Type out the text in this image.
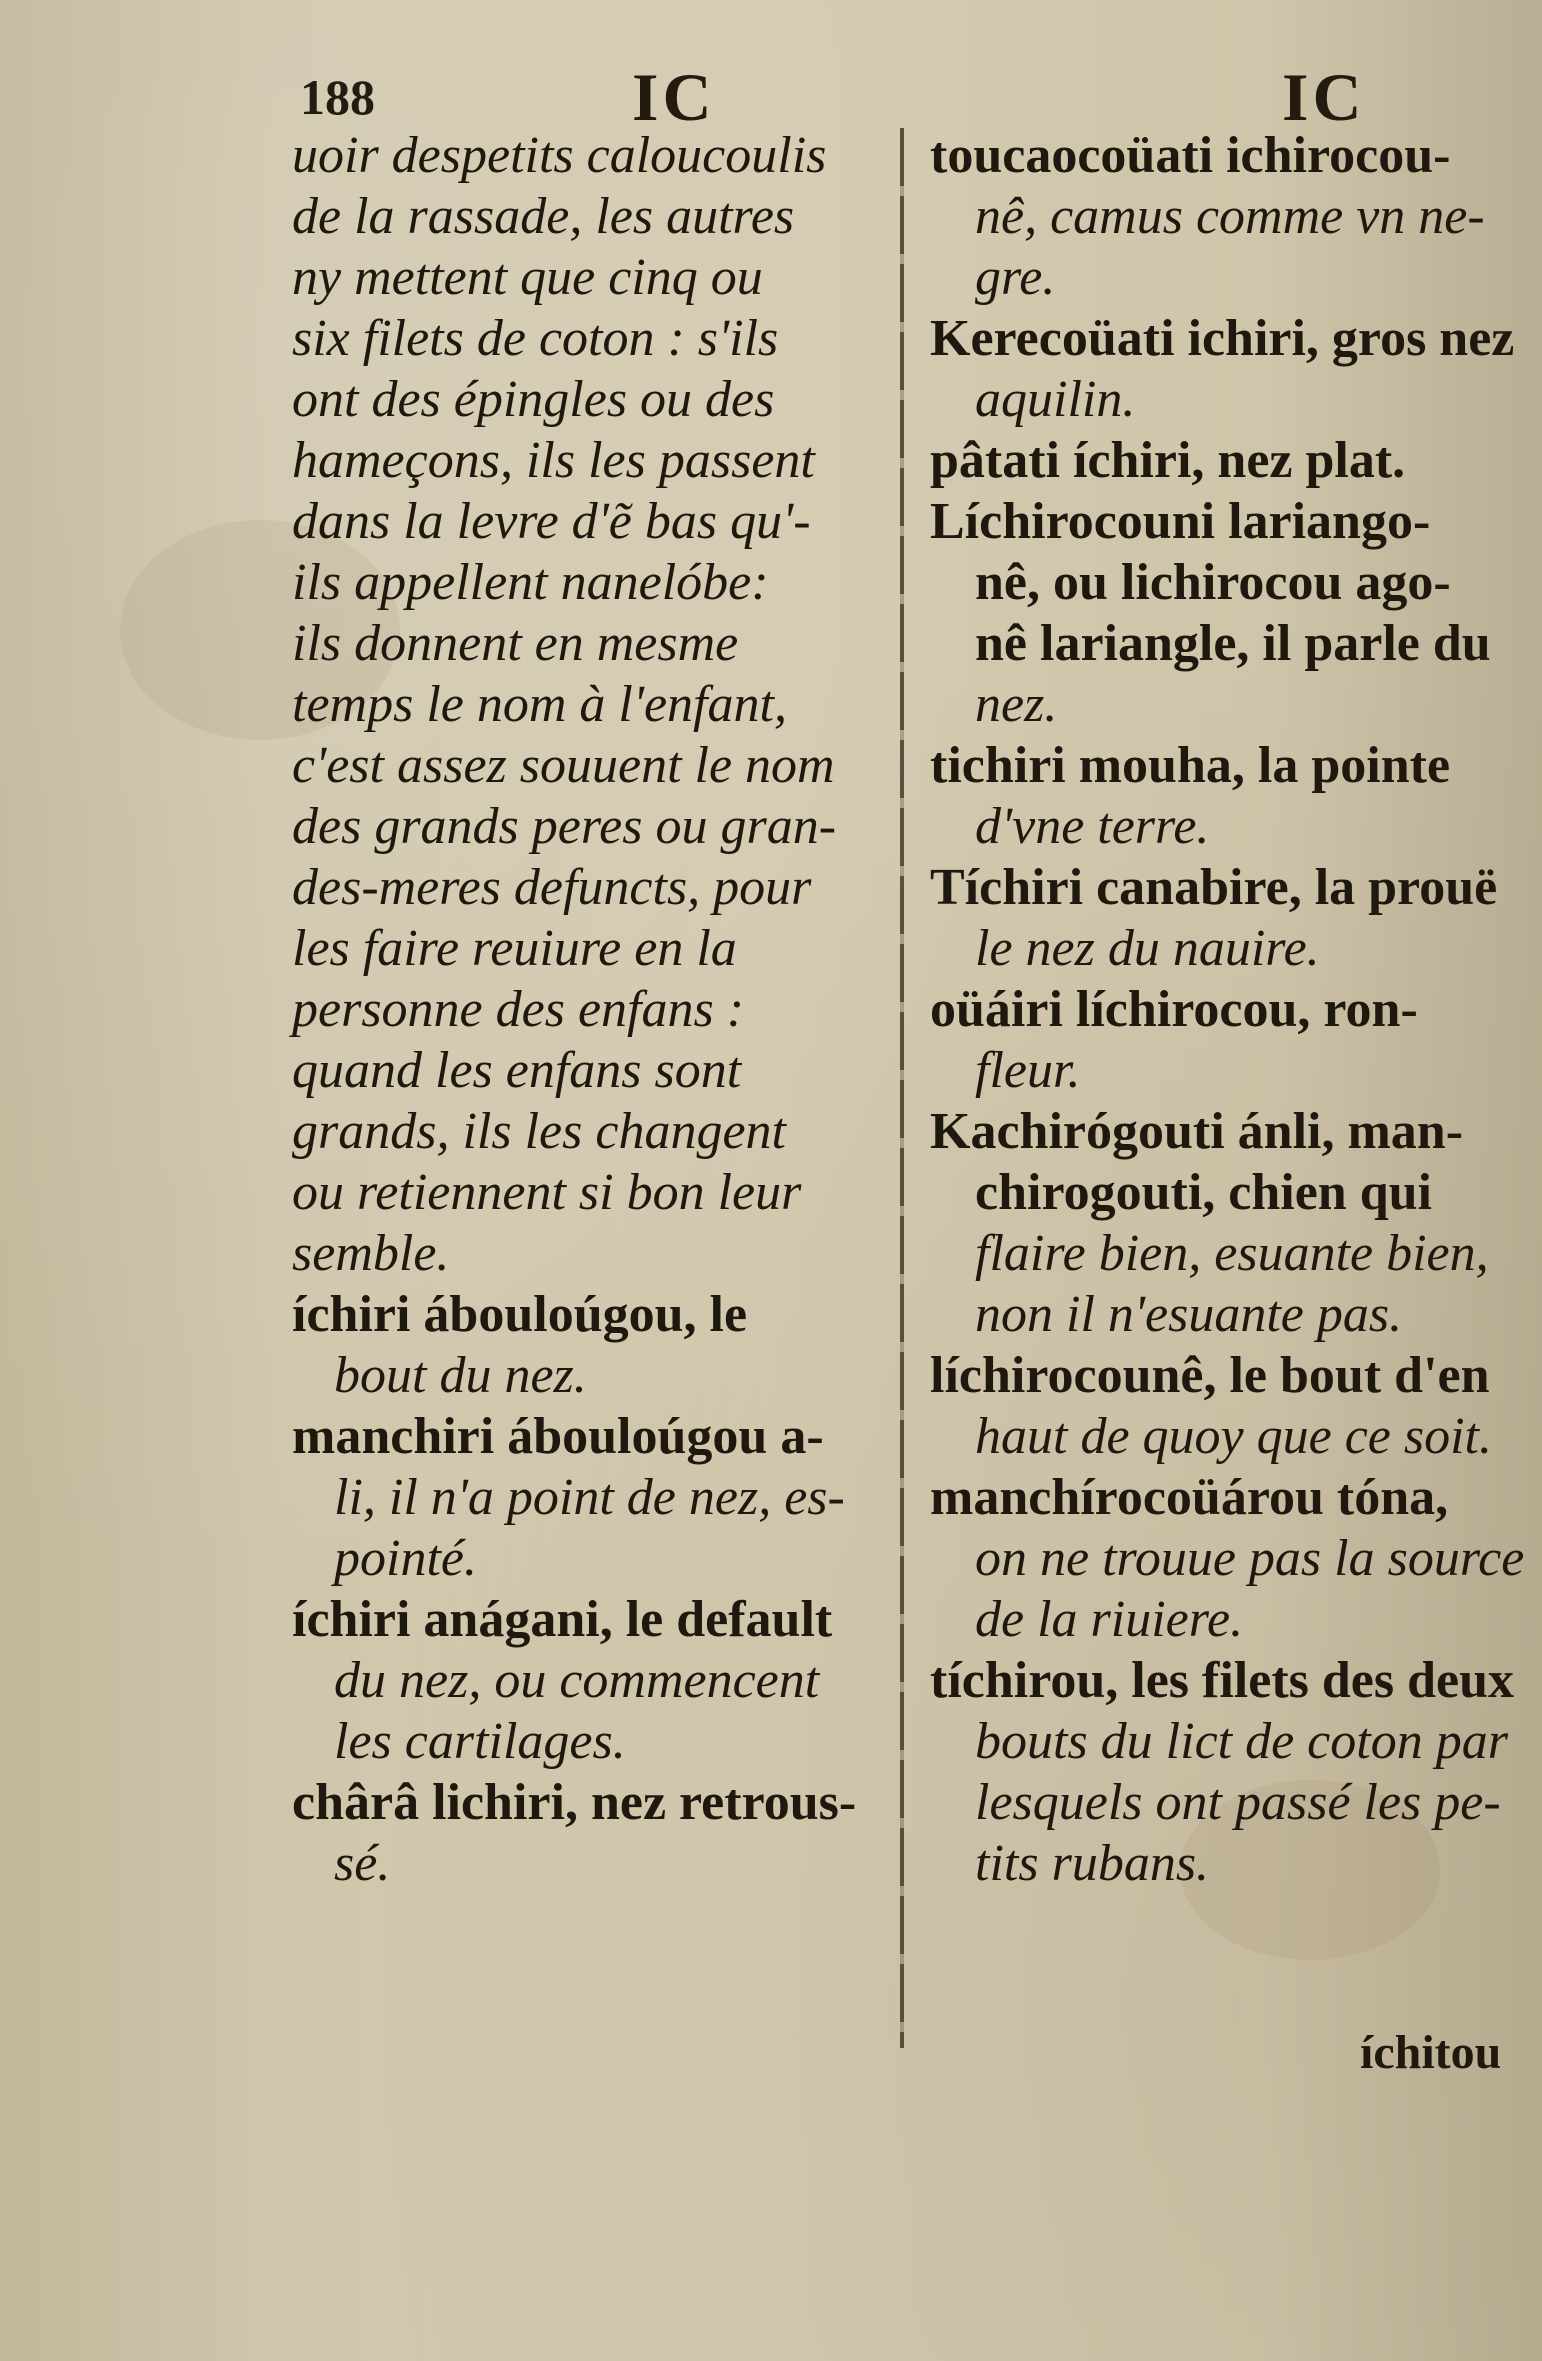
188	IC	IC
uoir despetits caloucoulis
de la rassade, les autres
ny mettent que cinq ou
six filets de coton : s'ils
ont des épingles ou des
hameçons, ils les passent
dans la levre d'ẽ bas qu'-
ils appellent nanelóbe:
ils donnent en mesme
temps le nom à l'enfant,
c'est assez souuent le nom
des grands peres ou gran-
des-meres defuncts, pour
les faire reuiure en la
personne des enfans :
quand les enfans sont
grands, ils les changent
ou retiennent si bon leur
semble.
íchiri ábouloúgou, le
bout du nez.
manchiri ábouloúgou a-
li, il n'a point de nez, es-
pointé.
íchiri anágani, le default
du nez, ou commencent
les cartilages.
chârâ lichiri, nez retrous-
sé.
toucaocoüati ichirocou-
nê, camus comme vn ne-
gre.
Kerecoüati ichiri, gros nez
aquilin.
pâtati íchiri, nez plat.
Líchirocouni lariango-
nê, ou lichirocou ago-
nê lariangle, il parle du
nez.
tichiri mouha, la pointe
d'vne terre.
Tíchiri canabire, la prouë
le nez du nauire.
oüáiri líchirocou, ron-
fleur.
Kachirógouti ánli, man-
chirogouti, chien qui
flaire bien, esuante bien,
non il n'esuante pas.
líchirocounê, le bout d'en
haut de quoy que ce soit.
manchírocoüárou tóna,
on ne trouue pas la source
de la riuiere.
tíchirou, les filets des deux
bouts du lict de coton par
lesquels ont passé les pe-
tits rubans.
íchitou
